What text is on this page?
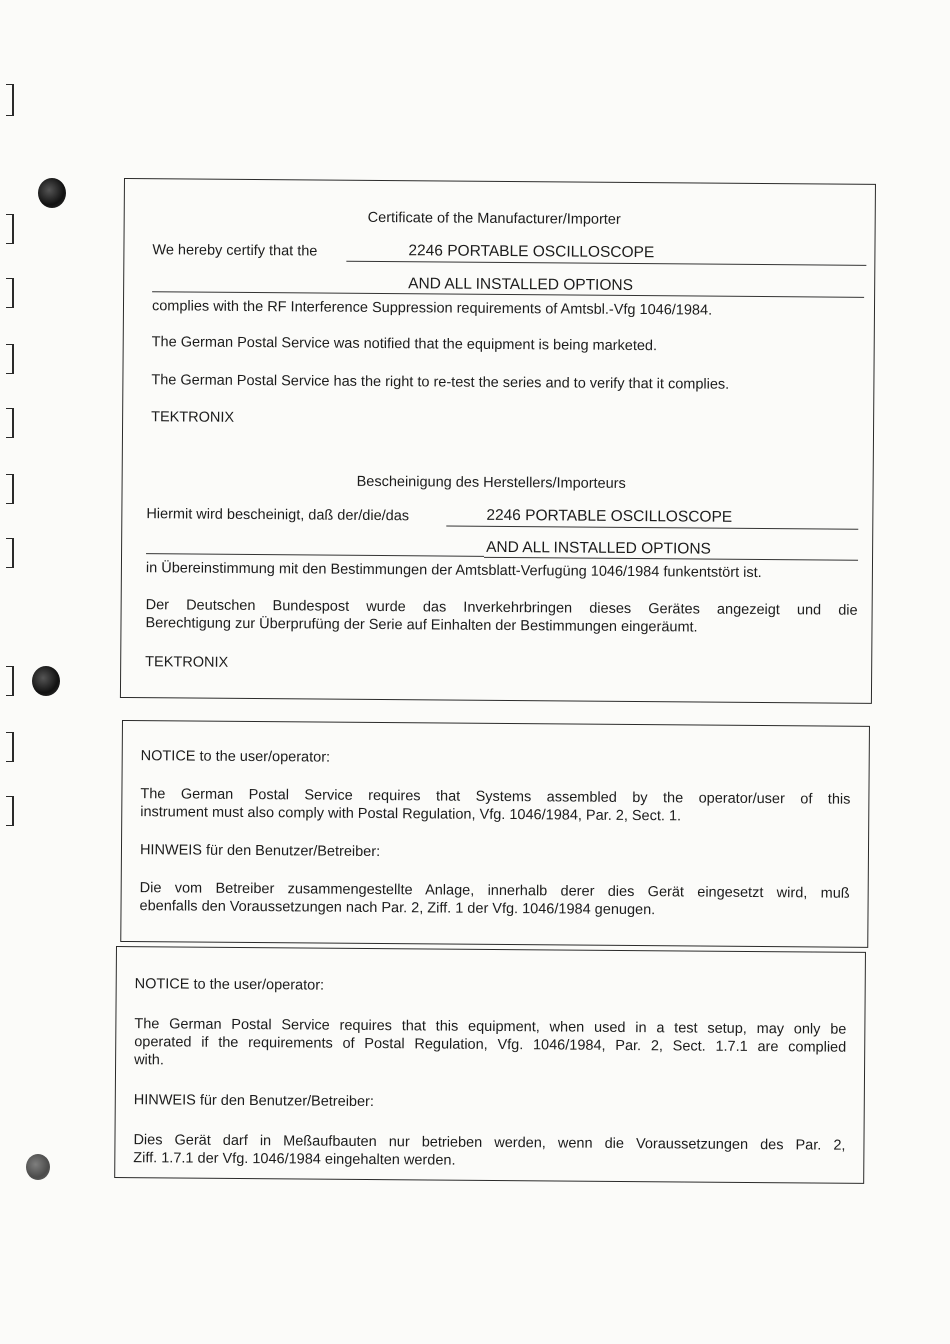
Certificate of the Manufacturer/Importer
We hereby certify that the	2246 PORTABLE OSCILLOSCOPE
AND ALL INSTALLED OPTIONS
complies with the RF Interference Suppression requirements of Amtsbl.-Vfg 1046/1984.
The German Postal Service was notified that the equipment is being marketed.
The German Postal Service has the right to re-test the series and to verify that it complies.
TEKTRONIX
Bescheinigung des Herstellers/Importeurs
Hiermit wird bescheinigt, daß der/die/das	2246 PORTABLE OSCILLOSCOPE
AND ALL INSTALLED OPTIONS
in Übereinstimmung mit den Bestimmungen der Amtsblatt-Verfugüng 1046/1984 funkentstört ist.
Der Deutschen Bundespost wurde das Inverkehrbringen dieses Gerätes angezeigt und die
Berechtigung zur Überprufüng der Serie auf Einhalten der Bestimmungen eingeräumt.
TEKTRONIX
NOTICE to the user/operator:
The German Postal Service requires that Systems assembled by the operator/user of this
instrument must also comply with Postal Regulation, Vfg. 1046/1984, Par. 2, Sect. 1.
HINWEIS für den Benutzer/Betreiber:
Die vom Betreiber zusammengestellte Anlage, innerhalb derer dies Gerät eingesetzt wird, muß
ebenfalls den Voraussetzungen nach Par. 2, Ziff. 1 der Vfg. 1046/1984 genugen.
NOTICE to the user/operator:
The German Postal Service requires that this equipment, when used in a test setup, may only be
operated if the requirements of Postal Regulation, Vfg. 1046/1984, Par. 2, Sect. 1.7.1 are complied
with.
HINWEIS für den Benutzer/Betreiber:
Dies Gerät darf in Meßaufbauten nur betrieben werden, wenn die Voraussetzungen des Par. 2,
Ziff. 1.7.1 der Vfg. 1046/1984 eingehalten werden.
